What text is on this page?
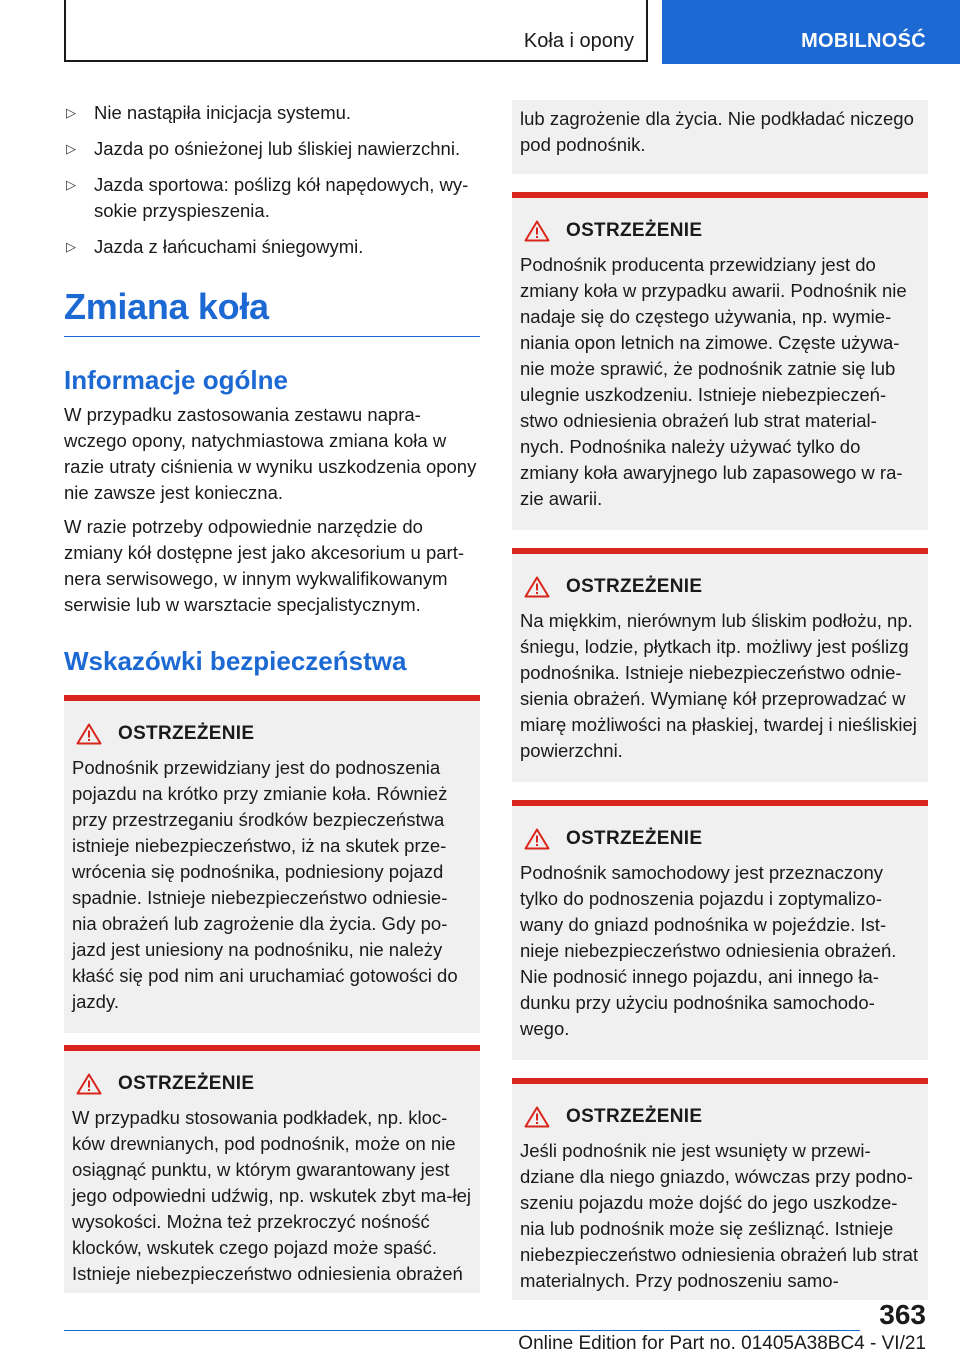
Koła i opony	MOBILNOŚĆ
▷ Nie nastąpiła inicjacja systemu.
▷ Jazda po ośnieżonej lub śliskiej nawierzchni.
▷ Jazda sportowa: poślizg kół napędowych, wy‐sokie przyspieszenia.
▷ Jazda z łańcuchami śniegowymi.
Zmiana koła
Informacje ogólne

W przypadku zastosowania zestawu napra‐wczego opony, natychmiastowa zmiana koła w razie utraty ciśnienia w wyniku uszkodzenia opony nie zawsze jest konieczna.

W razie potrzeby odpowiednie narzędzie do zmiany kół dostępne jest jako akcesorium u part‐nera serwisowego, w innym wykwalifikowanym serwisie lub w warsztacie specjalistycznym.

Wskazówki bezpieczeństwa
OSTRZEŻENIE

Podnośnik przewidziany jest do podnoszenia pojazdu na krótko przy zmianie koła. Również przy przestrzeganiu środków bezpieczeństwa istnieje niebezpieczeństwo, iż na skutek prze‐wrócenia się podnośnika, podniesiony pojazd spadnie. Istnieje niebezpieczeństwo odniesie‐nia obrażeń lub zagrożenie dla życia. Gdy po‐jazd jest uniesiony na podnośniku, nie należy kłaść się pod nim ani uruchamiać gotowości do jazdy.

OSTRZEŻENIE

W przypadku stosowania podkładek, np. kloc‐ków drewnianych, pod podnośnik, może on nie osiągnąć punktu, w którym gwarantowany jest jego odpowiedni udźwig, np. wskutek zbyt ma‐łej wysokości. Można też przekroczyć nośność klocków, wskutek czego pojazd może spaść. Istnieje niebezpieczeństwo odniesienia obrażeń

lub zagrożenie dla życia. Nie podkładać niczego pod podnośnik.

OSTRZEŻENIE

Podnośnik producenta przewidziany jest do zmiany koła w przypadku awarii. Podnośnik nie nadaje się do częstego używania, np. wymie‐niania opon letnich na zimowe. Częste używa‐nie może sprawić, że podnośnik zatnie się lub ulegnie uszkodzeniu. Istnieje niebezpieczeń‐stwo odniesienia obrażeń lub strat material‐nych. Podnośnika należy używać tylko do zmiany koła awaryjnego lub zapasowego w ra‐zie awarii.

OSTRZEŻENIE

Na miękkim, nierównym lub śliskim podłożu, np. śniegu, lodzie, płytkach itp. możliwy jest poślizg podnośnika. Istnieje niebezpieczeństwo odnie‐sienia obrażeń. Wymianę kół przeprowadzać w miarę możliwości na płaskiej, twardej i nieśliskiej powierzchni.

OSTRZEŻENIE

Podnośnik samochodowy jest przeznaczony tylko do podnoszenia pojazdu i zoptymalizo‐wany do gniazd podnośnika w pojeździe. Ist‐nieje niebezpieczeństwo odniesienia obrażeń. Nie podnosić innego pojazdu, ani innego ła‐dunku przy użyciu podnośnika samochodo‐wego.

OSTRZEŻENIE

Jeśli podnośnik nie jest wsunięty w przewi‐dziane dla niego gniazdo, wówczas przy podno‐szeniu pojazdu może dojść do jego uszkodze‐nia lub podnośnik może się ześliznąć. Istnieje niebezpieczeństwo odniesienia obrażeń lub strat materialnych. Przy podnoszeniu samo‐

363
Online Edition for Part no. 01405A38BC4 - VI/21
